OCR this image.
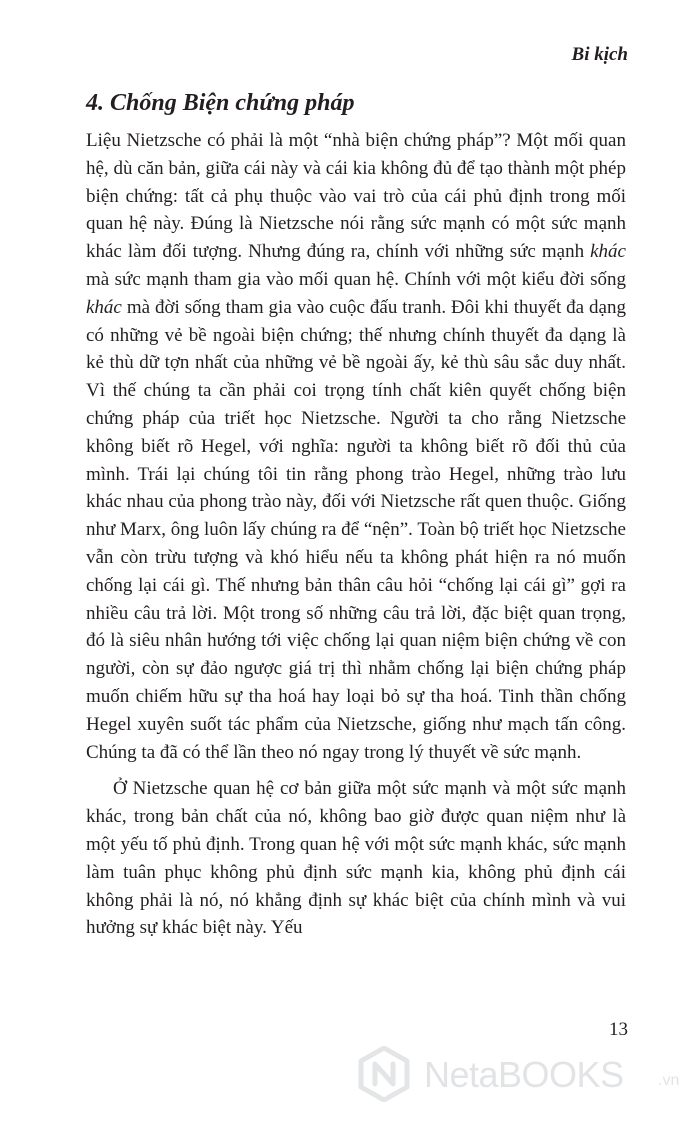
Bi kịch
4. Chống Biện chứng pháp

Liệu Nietzsche có phải là một “nhà biện chứng pháp”? Một mối quan hệ, dù căn bản, giữa cái này và cái kia không đủ để tạo thành một phép biện chứng: tất cả phụ thuộc vào vai trò của cái phủ định trong mối quan hệ này. Đúng là Nietzsche nói rằng sức mạnh có một sức mạnh khác làm đối tượng. Nhưng đúng ra, chính với những sức mạnh khác mà sức mạnh tham gia vào mối quan hệ. Chính với một kiểu đời sống khác mà đời sống tham gia vào cuộc đấu tranh. Đôi khi thuyết đa dạng có những vẻ bề ngoài biện chứng; thế nhưng chính thuyết đa dạng là kẻ thù dữ tợn nhất của những vẻ bề ngoài ấy, kẻ thù sâu sắc duy nhất. Vì thế chúng ta cần phải coi trọng tính chất kiên quyết chống biện chứng pháp của triết học Nietzsche. Người ta cho rằng Nietzsche không biết rõ Hegel, với nghĩa: người ta không biết rõ đối thủ của mình. Trái lại chúng tôi tin rằng phong trào Hegel, những trào lưu khác nhau của phong trào này, đối với Nietzsche rất quen thuộc. Giống như Marx, ông luôn lấy chúng ra để “nện”. Toàn bộ triết học Nietzsche vẫn còn trừu tượng và khó hiểu nếu ta không phát hiện ra nó muốn chống lại cái gì. Thế nhưng bản thân câu hỏi “chống lại cái gì” gợi ra nhiều câu trả lời. Một trong số những câu trả lời, đặc biệt quan trọng, đó là siêu nhân hướng tới việc chống lại quan niệm biện chứng về con người, còn sự đảo ngược giá trị thì nhằm chống lại biện chứng pháp muốn chiếm hữu sự tha hoá hay loại bỏ sự tha hoá. Tinh thần chống Hegel xuyên suốt tác phẩm của Nietzsche, giống như mạch tấn công. Chúng ta đã có thể lần theo nó ngay trong lý thuyết về sức mạnh.

Ở Nietzsche quan hệ cơ bản giữa một sức mạnh và một sức mạnh khác, trong bản chất của nó, không bao giờ được quan niệm như là một yếu tố phủ định. Trong quan hệ với một sức mạnh khác, sức mạnh làm tuân phục không phủ định sức mạnh kia, không phủ định cái không phải là nó, nó khẳng định sự khác biệt của chính mình và vui hưởng sự khác biệt này. Yếu

13
NetaBOOKS .vn
